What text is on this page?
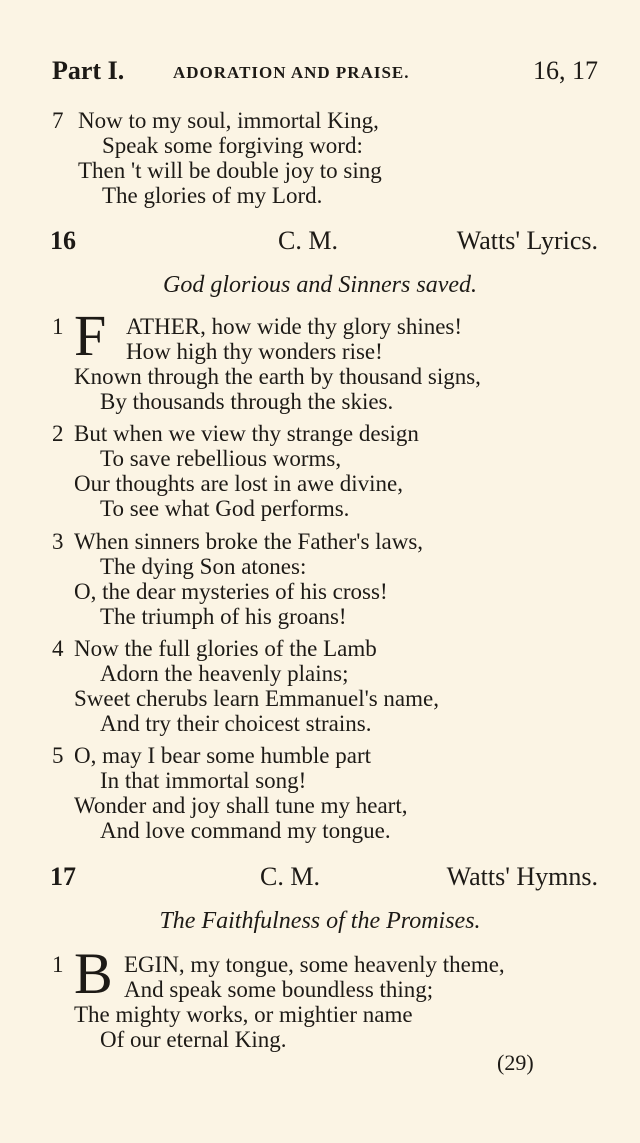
Part I.	ADORATION AND PRAISE.	16, 17
7 Now to my soul, immortal King,
Speak some forgiving word:
Then 't will be double joy to sing
The glories of my Lord.
16	C. M.	Watts' Lyrics.
God glorious and Sinners saved.
1 F ATHER, how wide thy glory shines!
How high thy wonders rise!
Known through the earth by thousand signs,
By thousands through the skies.
2 But when we view thy strange design
To save rebellious worms,
Our thoughts are lost in awe divine,
To see what God performs.
3 When sinners broke the Father's laws,
The dying Son atones:
O, the dear mysteries of his cross!
The triumph of his groans!
4 Now the full glories of the Lamb
Adorn the heavenly plains;
Sweet cherubs learn Emmanuel's name,
And try their choicest strains.
5 O, may I bear some humble part
In that immortal song!
Wonder and joy shall tune my heart,
And love command my tongue.
17	C. M.	Watts' Hymns.
The Faithfulness of the Promises.
1 B EGIN, my tongue, some heavenly theme,
And speak some boundless thing;
The mighty works, or mightier name
Of our eternal King.
(29)
